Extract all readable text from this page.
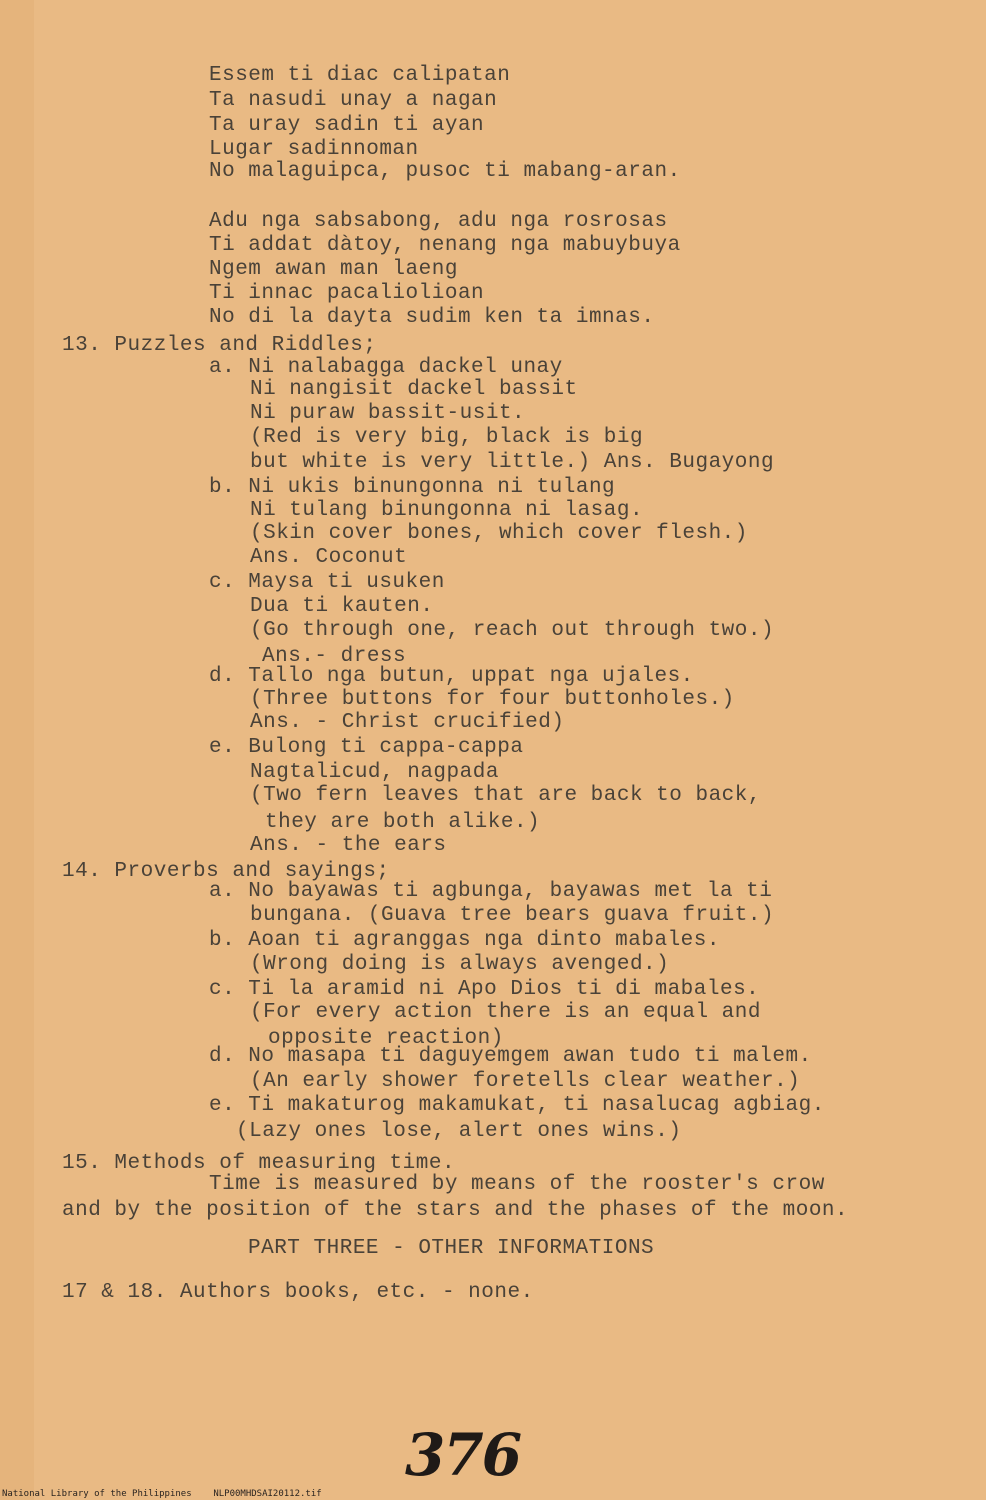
Essem ti diac calipatan
Ta nasudi unay a nagan
Ta uray sadin ti ayan
Lugar sadinnoman
No malaguipca, pusoc ti mabang-aran.
Adu nga sabsabong, adu nga rosrosas
Ti addat dàtoy, nenang nga mabuybuya
Ngem awan man laeng
Ti innac pacaliolioan
No di la dayta sudim ken ta imnas.
13. Puzzles and Riddles;
a. Ni nalabagga dackel unay
Ni nangisit dackel bassit
Ni puraw bassit-usit.
(Red is very big, black is big
but white is very little.) Ans. Bugayong
b. Ni ukis binungonna ni tulang
Ni tulang binungonna ni lasag.
(Skin cover bones, which cover flesh.)
Ans. Coconut
c. Maysa ti usuken
Dua ti kauten.
(Go through one, reach out through two.)
Ans.- dress
d. Tallo nga butun, uppat nga ujales.
(Three buttons for four buttonholes.)
Ans. - Christ crucified)
e. Bulong ti cappa-cappa
Nagtalicud, nagpada
(Two fern leaves that are back to back,
they are both alike.)
Ans. - the ears
14. Proverbs and sayings;
a. No bayawas ti agbunga, bayawas met la ti
bungana. (Guava tree bears guava fruit.)
b. Aoan ti agranggas nga dinto mabales.
(Wrong doing is always avenged.)
c. Ti la aramid ni Apo Dios ti di mabales.
(For every action there is an equal and
opposite reaction)
d. No masapa ti daguyemgem awan tudo ti malem.
(An early shower foretells clear weather.)
e. Ti makaturog makamukat, ti nasalucag agbiag.
(Lazy ones lose, alert ones wins.)
15. Methods of measuring time.
Time is measured by means of the rooster's crow
and by the position of the stars and the phases of the moon.
PART THREE - OTHER INFORMATIONS
17 & 18. Authors books, etc. - none.
376
National Library of the Philippines    NLP00MHDSAI20112.tif
